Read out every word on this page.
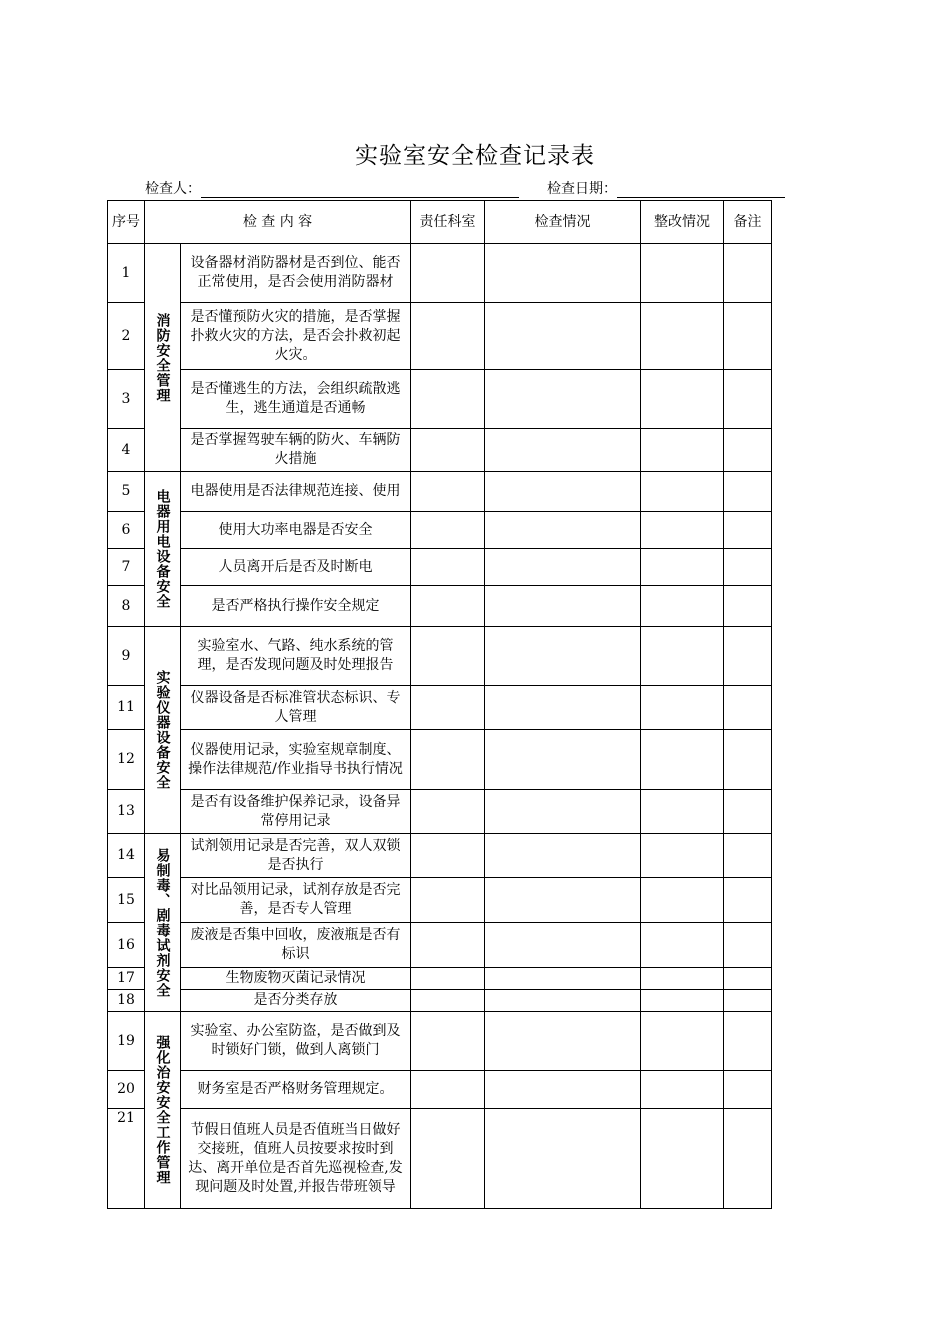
实验室安全检查记录表
检查人：	检查日期：
序号	检 查 内 容		责任科室	检查情况	整改情况	备注
1	消防安全管理	设备器材消防器材是否到位、能否正常使用，是否会使用消防器材				
2		是否懂预防火灾的措施，是否掌握扑救火灾的方法，是否会扑救初起火灾。				
3		是否懂逃生的方法，会组织疏散逃生，逃生通道是否通畅				
4		是否掌握驾驶车辆的防火、车辆防火措施				
5	电器用电设备安全	电器使用是否法律规范连接、使用				
6		使用大功率电器是否安全				
7		人员离开后是否及时断电				
8		是否严格执行操作安全规定				
9	实验仪器设备安全	实验室水、气路、纯水系统的管理，是否发现问题及时处理报告				
11		仪器设备是否标准管状态标识、专人管理				
12		仪器使用记录，实验室规章制度、操作法律规范/作业指导书执行情况				
13		是否有设备维护保养记录，设备异常停用记录				
14	易制毒、剧毒试剂安全	试剂领用记录是否完善，双人双锁是否执行				
15		对比品领用记录，试剂存放是否完善，是否专人管理				
16		废液是否集中回收，废液瓶是否有标识				
17		生物废物灭菌记录情况				
18		是否分类存放				
19	强化治安安全工作管理	实验室、办公室防盗，是否做到及时锁好门锁，做到人离锁门				
20		财务室是否严格财务管理规定。				
21		节假日值班人员是否值班当日做好交接班，值班人员按要求按时到达、离开单位是否首先巡视检查,发现问题及时处置,并报告带班领导				
